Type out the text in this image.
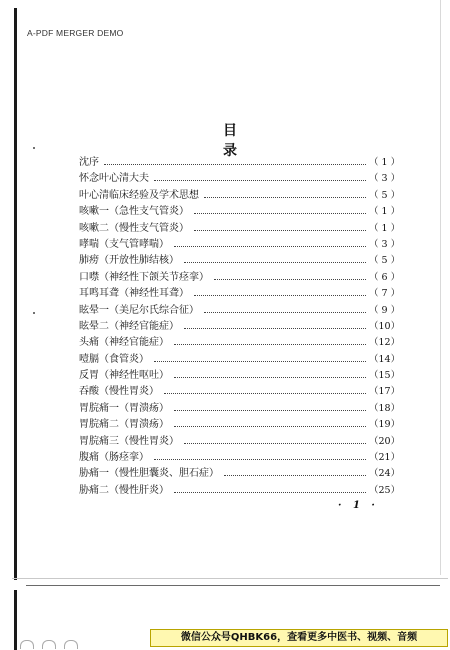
A-PDF MERGER DEMO
目 录
沈序	（ 1 ）
怀念叶心清大夫	（ 3 ）
叶心清临床经验及学术思想	（ 5 ）
咳嗽一（急性支气管炎）	（ 1 ）
咳嗽二（慢性支气管炎）	（ 1 ）
哮喘（支气管哮喘）	（ 3 ）
肺痨（开放性肺结核）	（ 5 ）
口噤（神经性下颌关节痉挛）	（ 6 ）
耳鸣耳聋（神经性耳聋）	（ 7 ）
眩晕一（美尼尔氏综合征）	（ 9 ）
眩晕二（神经官能症）	（10）
头痛（神经官能症）	（12）
噎膈（食管炎）	（14）
反胃（神经性呕吐）	（15）
吞酸（慢性胃炎）	（17）
胃脘痛一（胃溃疡）	（18）
胃脘痛二（胃溃疡）	（19）
胃脘痛三（慢性胃炎）	（20）
腹痛（肠痉挛）	（21）
胁痛一（慢性胆囊炎、胆石症）	（24）
胁痛二（慢性肝炎）	（25）
· 1 ·
微信公众号QHBK66，查看更多中医书、视频、音频
